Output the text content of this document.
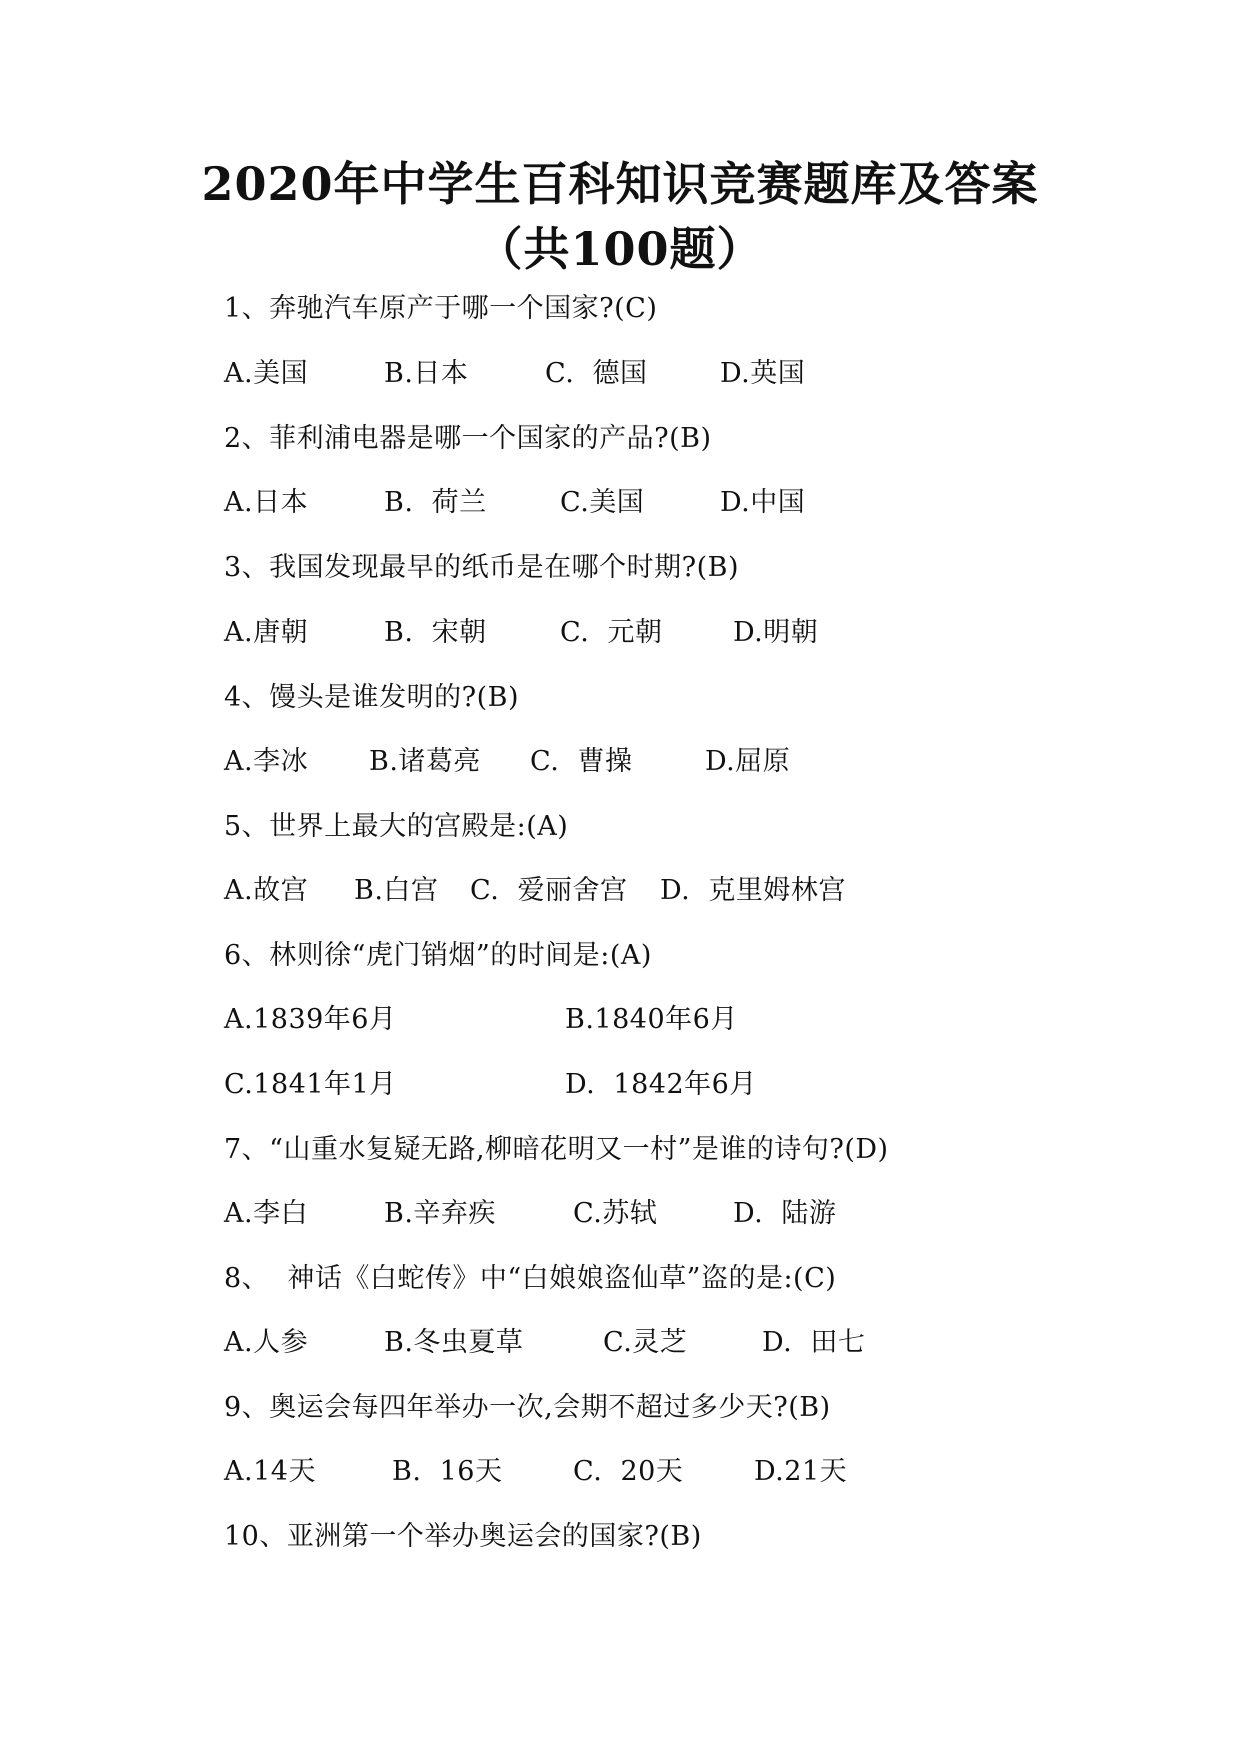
2020年中学生百科知识竞赛题库及答案
（共100题）
1、奔驰汽车原产于哪一个国家?(C)
A.美国	B.日本	C.  德国	D.英国
2、菲利浦电器是哪一个国家的产品?(B)
A.日本	B.  荷兰	C.美国	D.中国
3、我国发现最早的纸币是在哪个时期?(B)
A.唐朝	B.  宋朝	C.  元朝	D.明朝
4、馒头是谁发明的?(B)
A.李冰 B.诸葛亮 C.  曹操	D.屈原
5、世界上最大的宫殿是:(A)
A.故宫 B.白宫 C.  爱丽舍宫 D.  克里姆林宫
6、林则徐“虎门销烟”的时间是:(A)
A.1839年6月	B.1840年6月
C.1841年1月	D.  1842年6月
7、“山重水复疑无路,柳暗花明又一村”是谁的诗句?(D)
A.李白	B.辛弃疾	C.苏轼	D.  陆游
8、  神话《白蛇传》中“白娘娘盗仙草”盗的是:(C)
A.人参	B.冬虫夏草	C.灵芝	D.  田七
9、奥运会每四年举办一次,会期不超过多少天?(B)
A.14天	B.  16天	C.  20天	D.21天
10、亚洲第一个举办奥运会的国家?(B)
